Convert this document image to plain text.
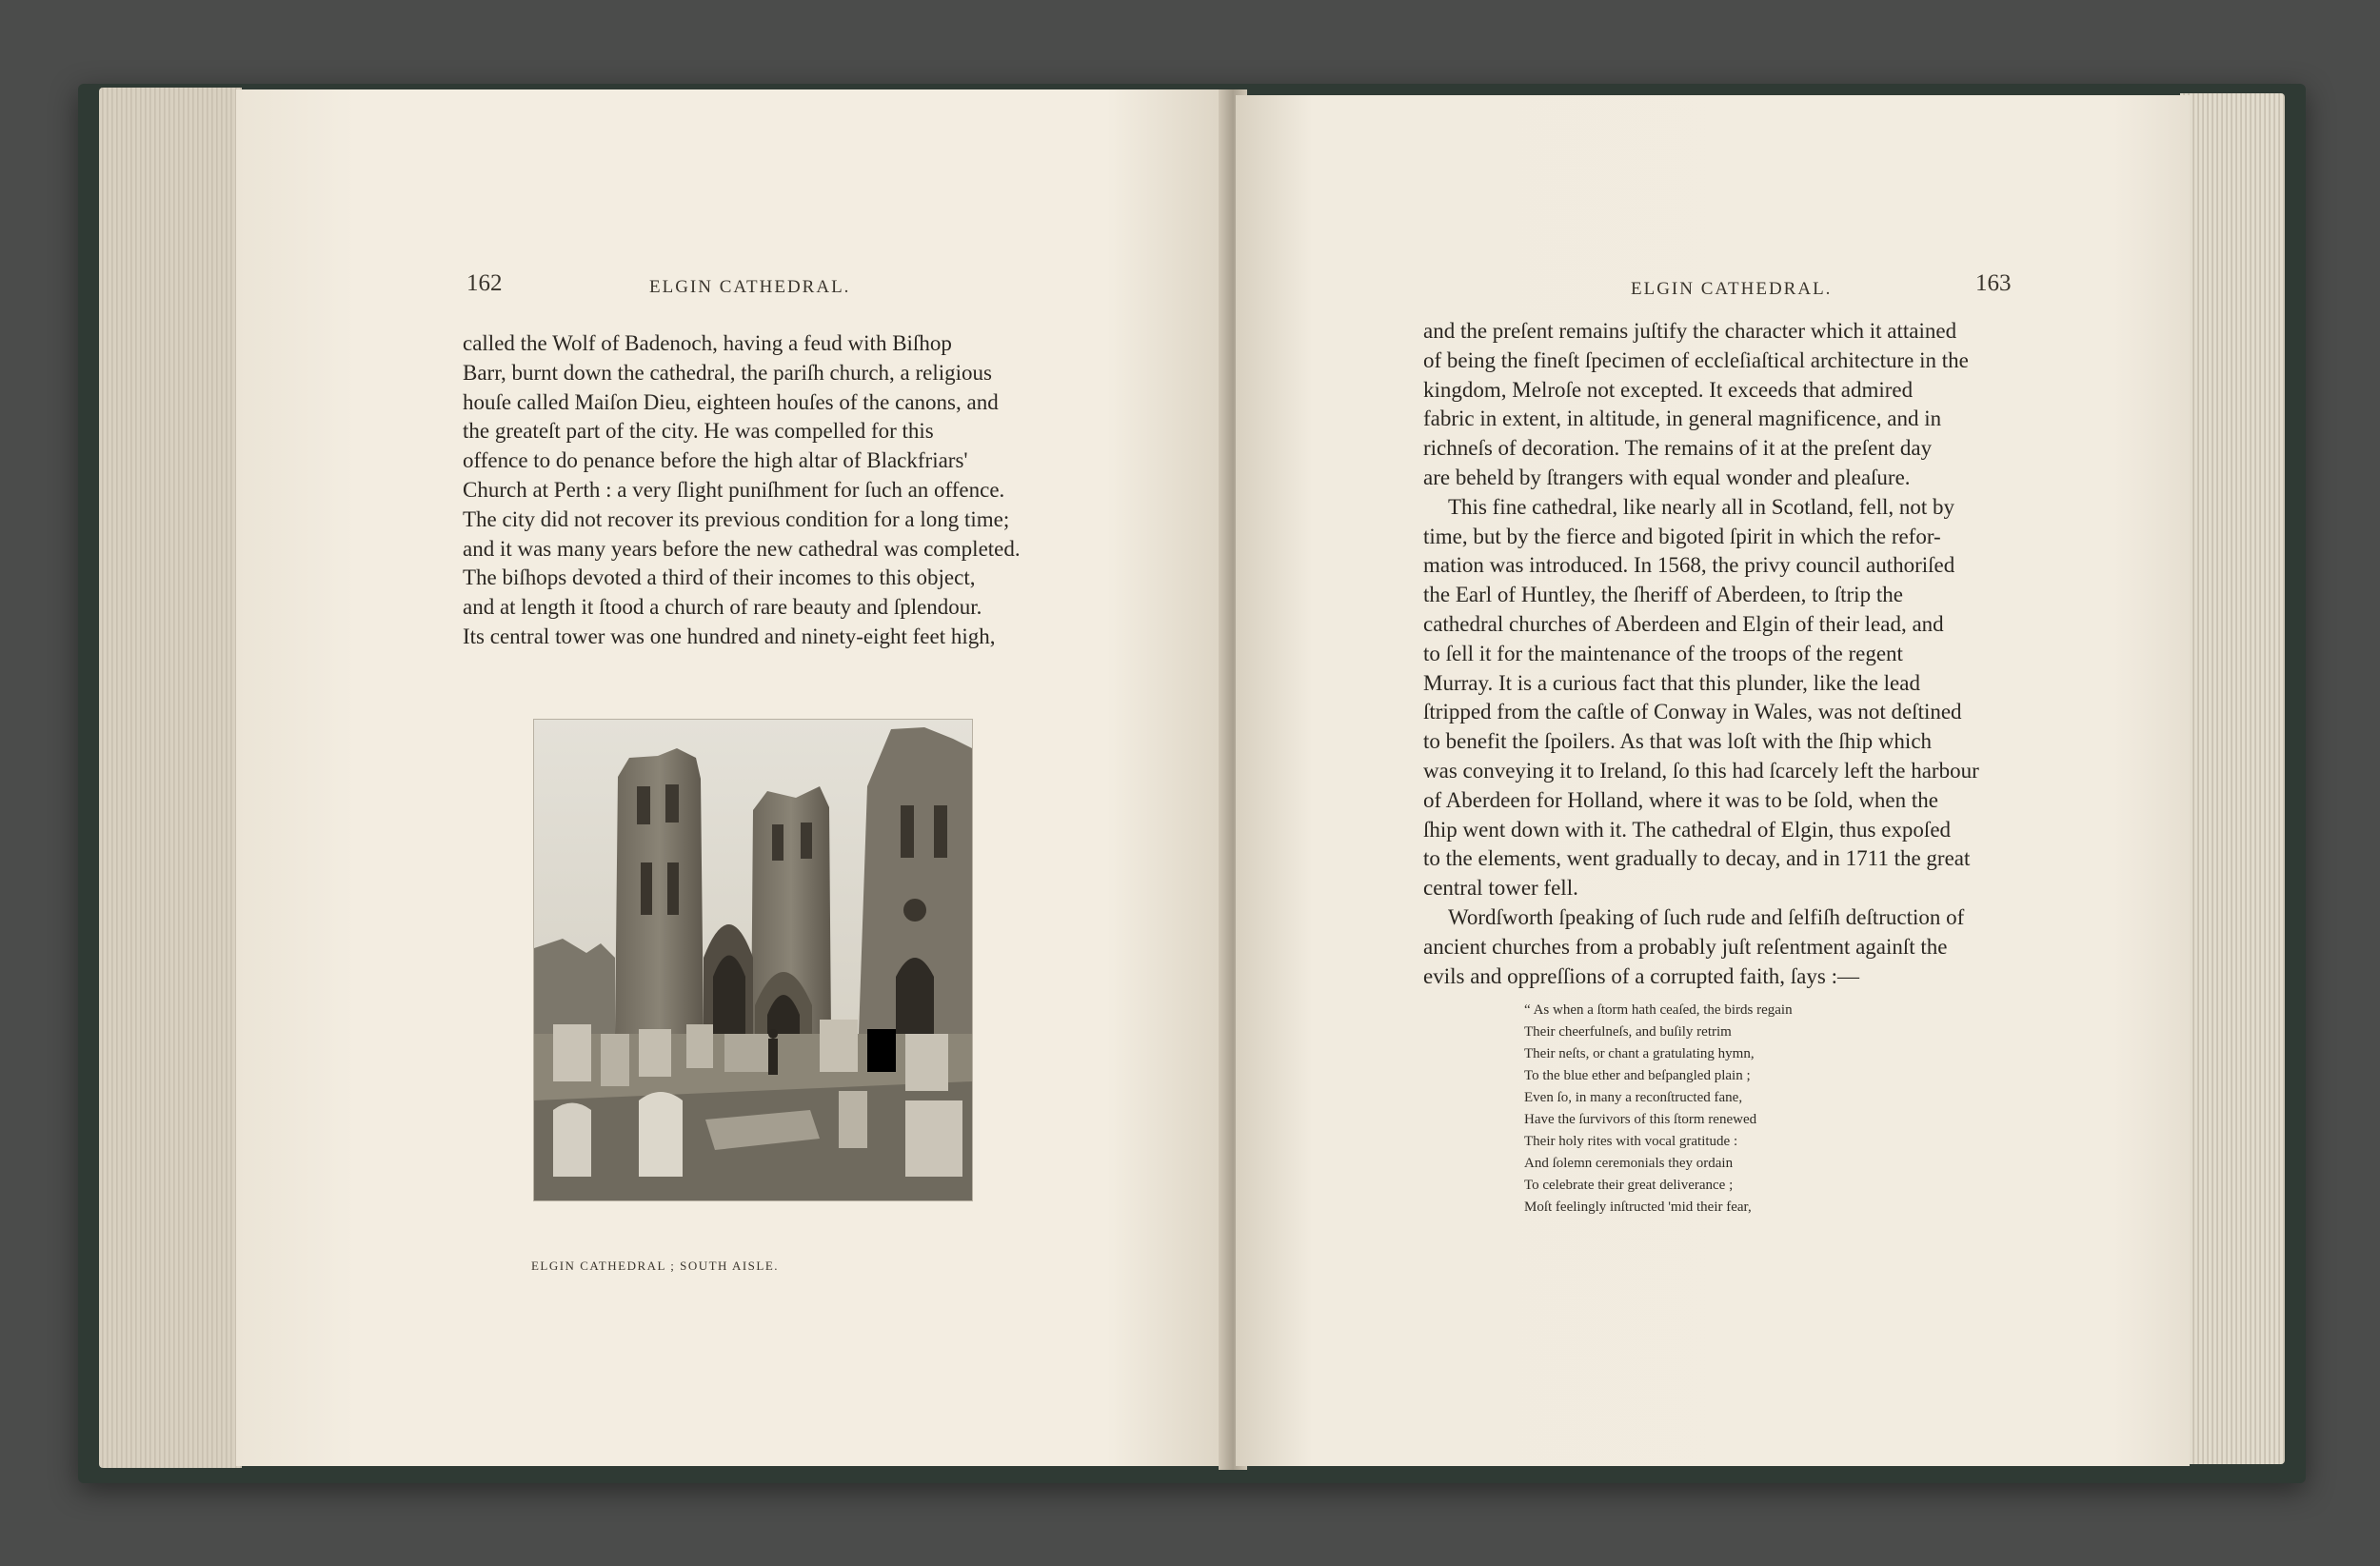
162	ELGIN CATHEDRAL.
called the Wolf of Badenoch, having a feud with Biſhop
Barr, burnt down the cathedral, the pariſh church, a religious
houſe called Maiſon Dieu, eighteen houſes of the canons, and
the greateſt part of the city. He was compelled for this
offence to do penance before the high altar of Blackfriars'
Church at Perth : a very ſlight puniſhment for ſuch an offence.
The city did not recover its previous condition for a long time;
and it was many years before the new cathedral was completed.
The biſhops devoted a third of their incomes to this object,
and at length it ſtood a church of rare beauty and ſplendour.
Its central tower was one hundred and ninety-eight feet high,
ELGIN CATHEDRAL ; SOUTH AISLE.
ELGIN CATHEDRAL.	163
and the preſent remains juſtify the character which it attained
of being the fineſt ſpecimen of eccleſiaſtical architecture in the
kingdom, Melroſe not excepted. It exceeds that admired
fabric in extent, in altitude, in general magnificence, and in
richneſs of decoration. The remains of it at the preſent day
are beheld by ſtrangers with equal wonder and pleaſure.
This fine cathedral, like nearly all in Scotland, fell, not by
time, but by the fierce and bigoted ſpirit in which the refor-
mation was introduced. In 1568, the privy council authoriſed
the Earl of Huntley, the ſheriff of Aberdeen, to ſtrip the
cathedral churches of Aberdeen and Elgin of their lead, and
to ſell it for the maintenance of the troops of the regent
Murray. It is a curious fact that this plunder, like the lead
ſtripped from the caſtle of Conway in Wales, was not deſtined
to benefit the ſpoilers. As that was loſt with the ſhip which
was conveying it to Ireland, ſo this had ſcarcely left the harbour
of Aberdeen for Holland, where it was to be ſold, when the
ſhip went down with it. The cathedral of Elgin, thus expoſed
to the elements, went gradually to decay, and in 1711 the great
central tower fell.
Wordſworth ſpeaking of ſuch rude and ſelfiſh deſtruction of
ancient churches from a probably juſt reſentment againſt the
evils and oppreſſions of a corrupted faith, ſays :—
“ As when a ſtorm hath ceaſed, the birds regain
Their cheerfulneſs, and buſily retrim
Their neſts, or chant a gratulating hymn,
To the blue ether and beſpangled plain ;
Even ſo, in many a reconſtructed fane,
Have the ſurvivors of this ſtorm renewed
Their holy rites with vocal gratitude :
And ſolemn ceremonials they ordain
To celebrate their great deliverance ;
Moſt feelingly inſtructed 'mid their fear,
